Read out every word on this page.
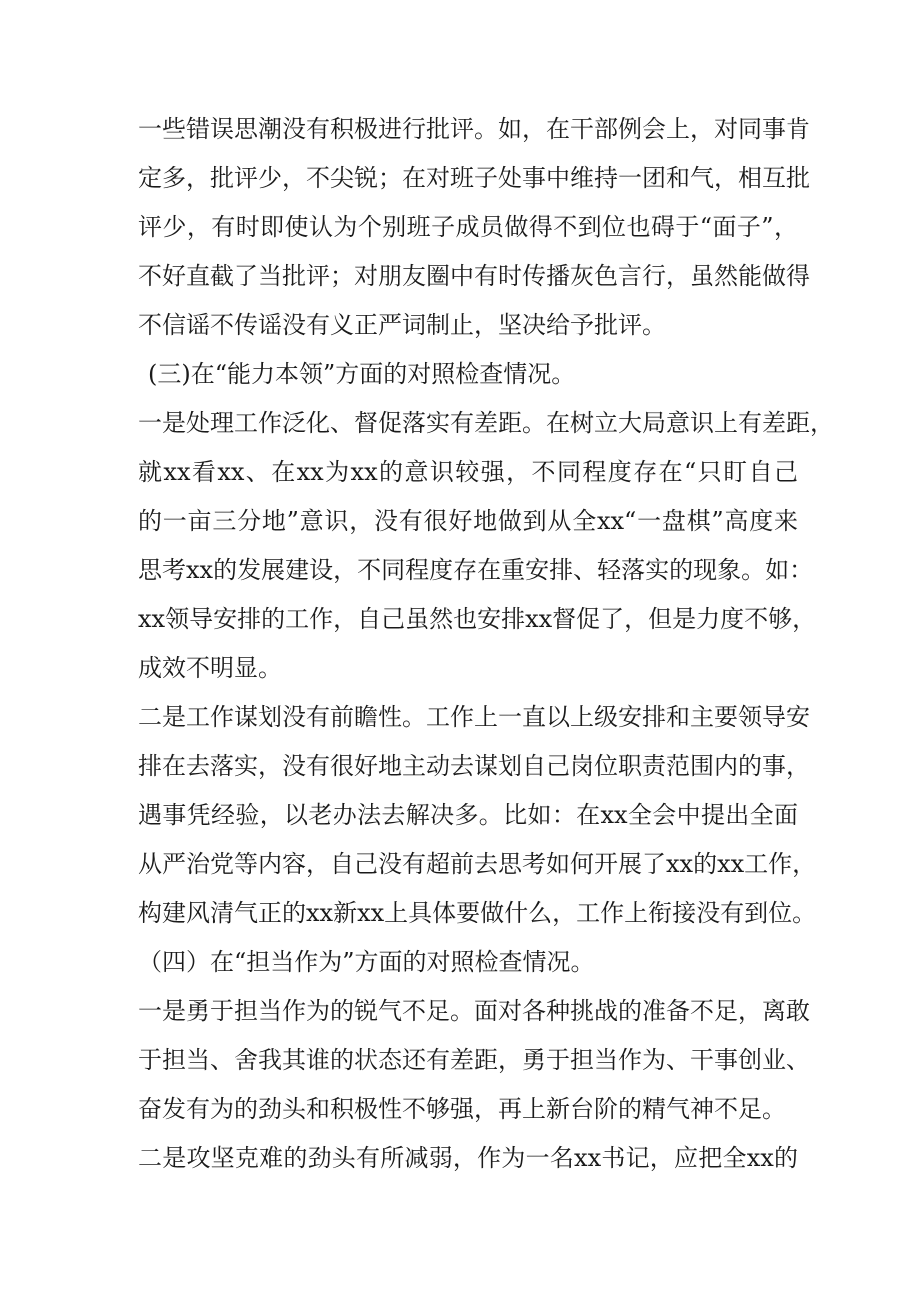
一些错误思潮没有积极进行批评。如，在干部例会上，对同事肯
定多，批评少，不尖锐；在对班子处事中维持一团和气，相互批
评少，有时即使认为个别班子成员做得不到位也碍于“面子”，
不好直截了当批评；对朋友圈中有时传播灰色言行，虽然能做得
不信谣不传谣没有义正严词制止，坚决给予批评。
(三)在“能力本领”方面的对照检查情况。
一是处理工作泛化、督促落实有差距。在树立大局意识上有差距，
就xx看xx、在xx为xx的意识较强，不同程度存在“只盯自己
的一亩三分地”意识，没有很好地做到从全xx“一盘棋”高度来
思考xx的发展建设，不同程度存在重安排、轻落实的现象。如：
xx领导安排的工作，自己虽然也安排xx督促了，但是力度不够，
成效不明显。
二是工作谋划没有前瞻性。工作上一直以上级安排和主要领导安
排在去落实，没有很好地主动去谋划自己岗位职责范围内的事，
遇事凭经验，以老办法去解决多。比如：在xx全会中提出全面
从严治党等内容，自己没有超前去思考如何开展了xx的xx工作，
构建风清气正的xx新xx上具体要做什么，工作上衔接没有到位。
（四）在“担当作为”方面的对照检查情况。
一是勇于担当作为的锐气不足。面对各种挑战的准备不足，离敢
于担当、舍我其谁的状态还有差距，勇于担当作为、干事创业、
奋发有为的劲头和积极性不够强，再上新台阶的精气神不足。
二是攻坚克难的劲头有所减弱，作为一名xx书记，应把全xx的
